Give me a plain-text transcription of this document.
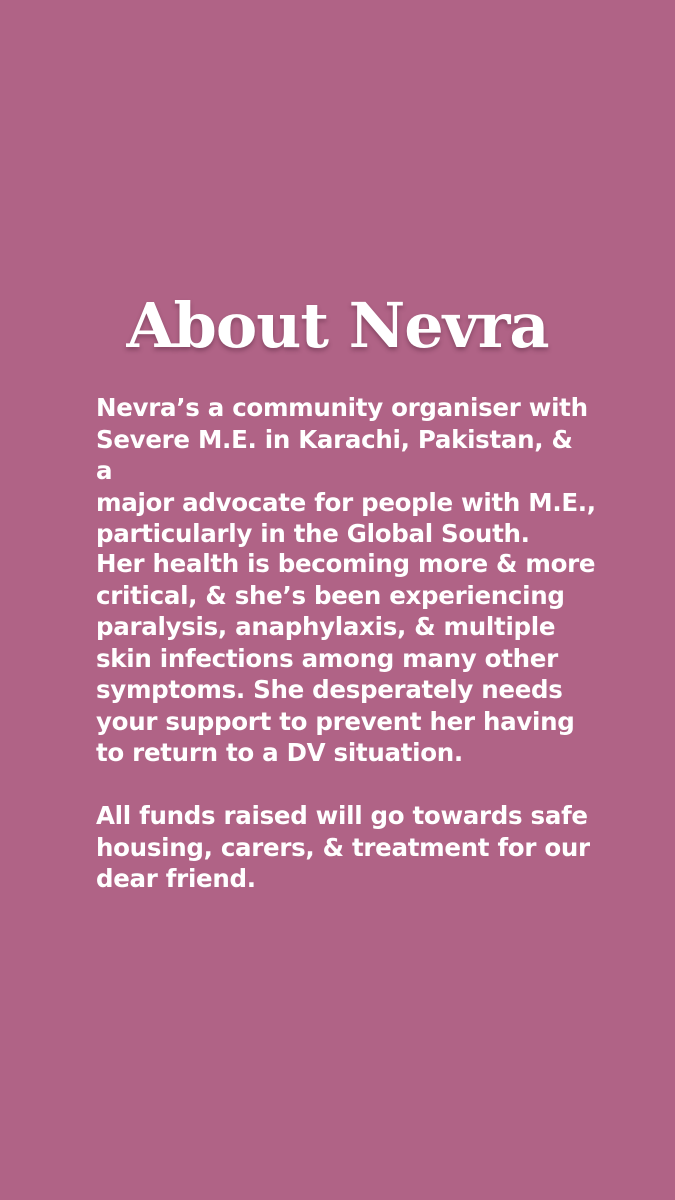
About Nevra

Nevra’s a community organiser with
Severe M.E. in Karachi, Pakistan, & a
major advocate for people with M.E.,
particularly in the Global South.

Her health is becoming more & more
critical, & she’s been experiencing
paralysis, anaphylaxis, & multiple
skin infections among many other
symptoms. She desperately needs
your support to prevent her having
to return to a DV situation.

All funds raised will go towards safe
housing, carers, & treatment for our
dear friend.
